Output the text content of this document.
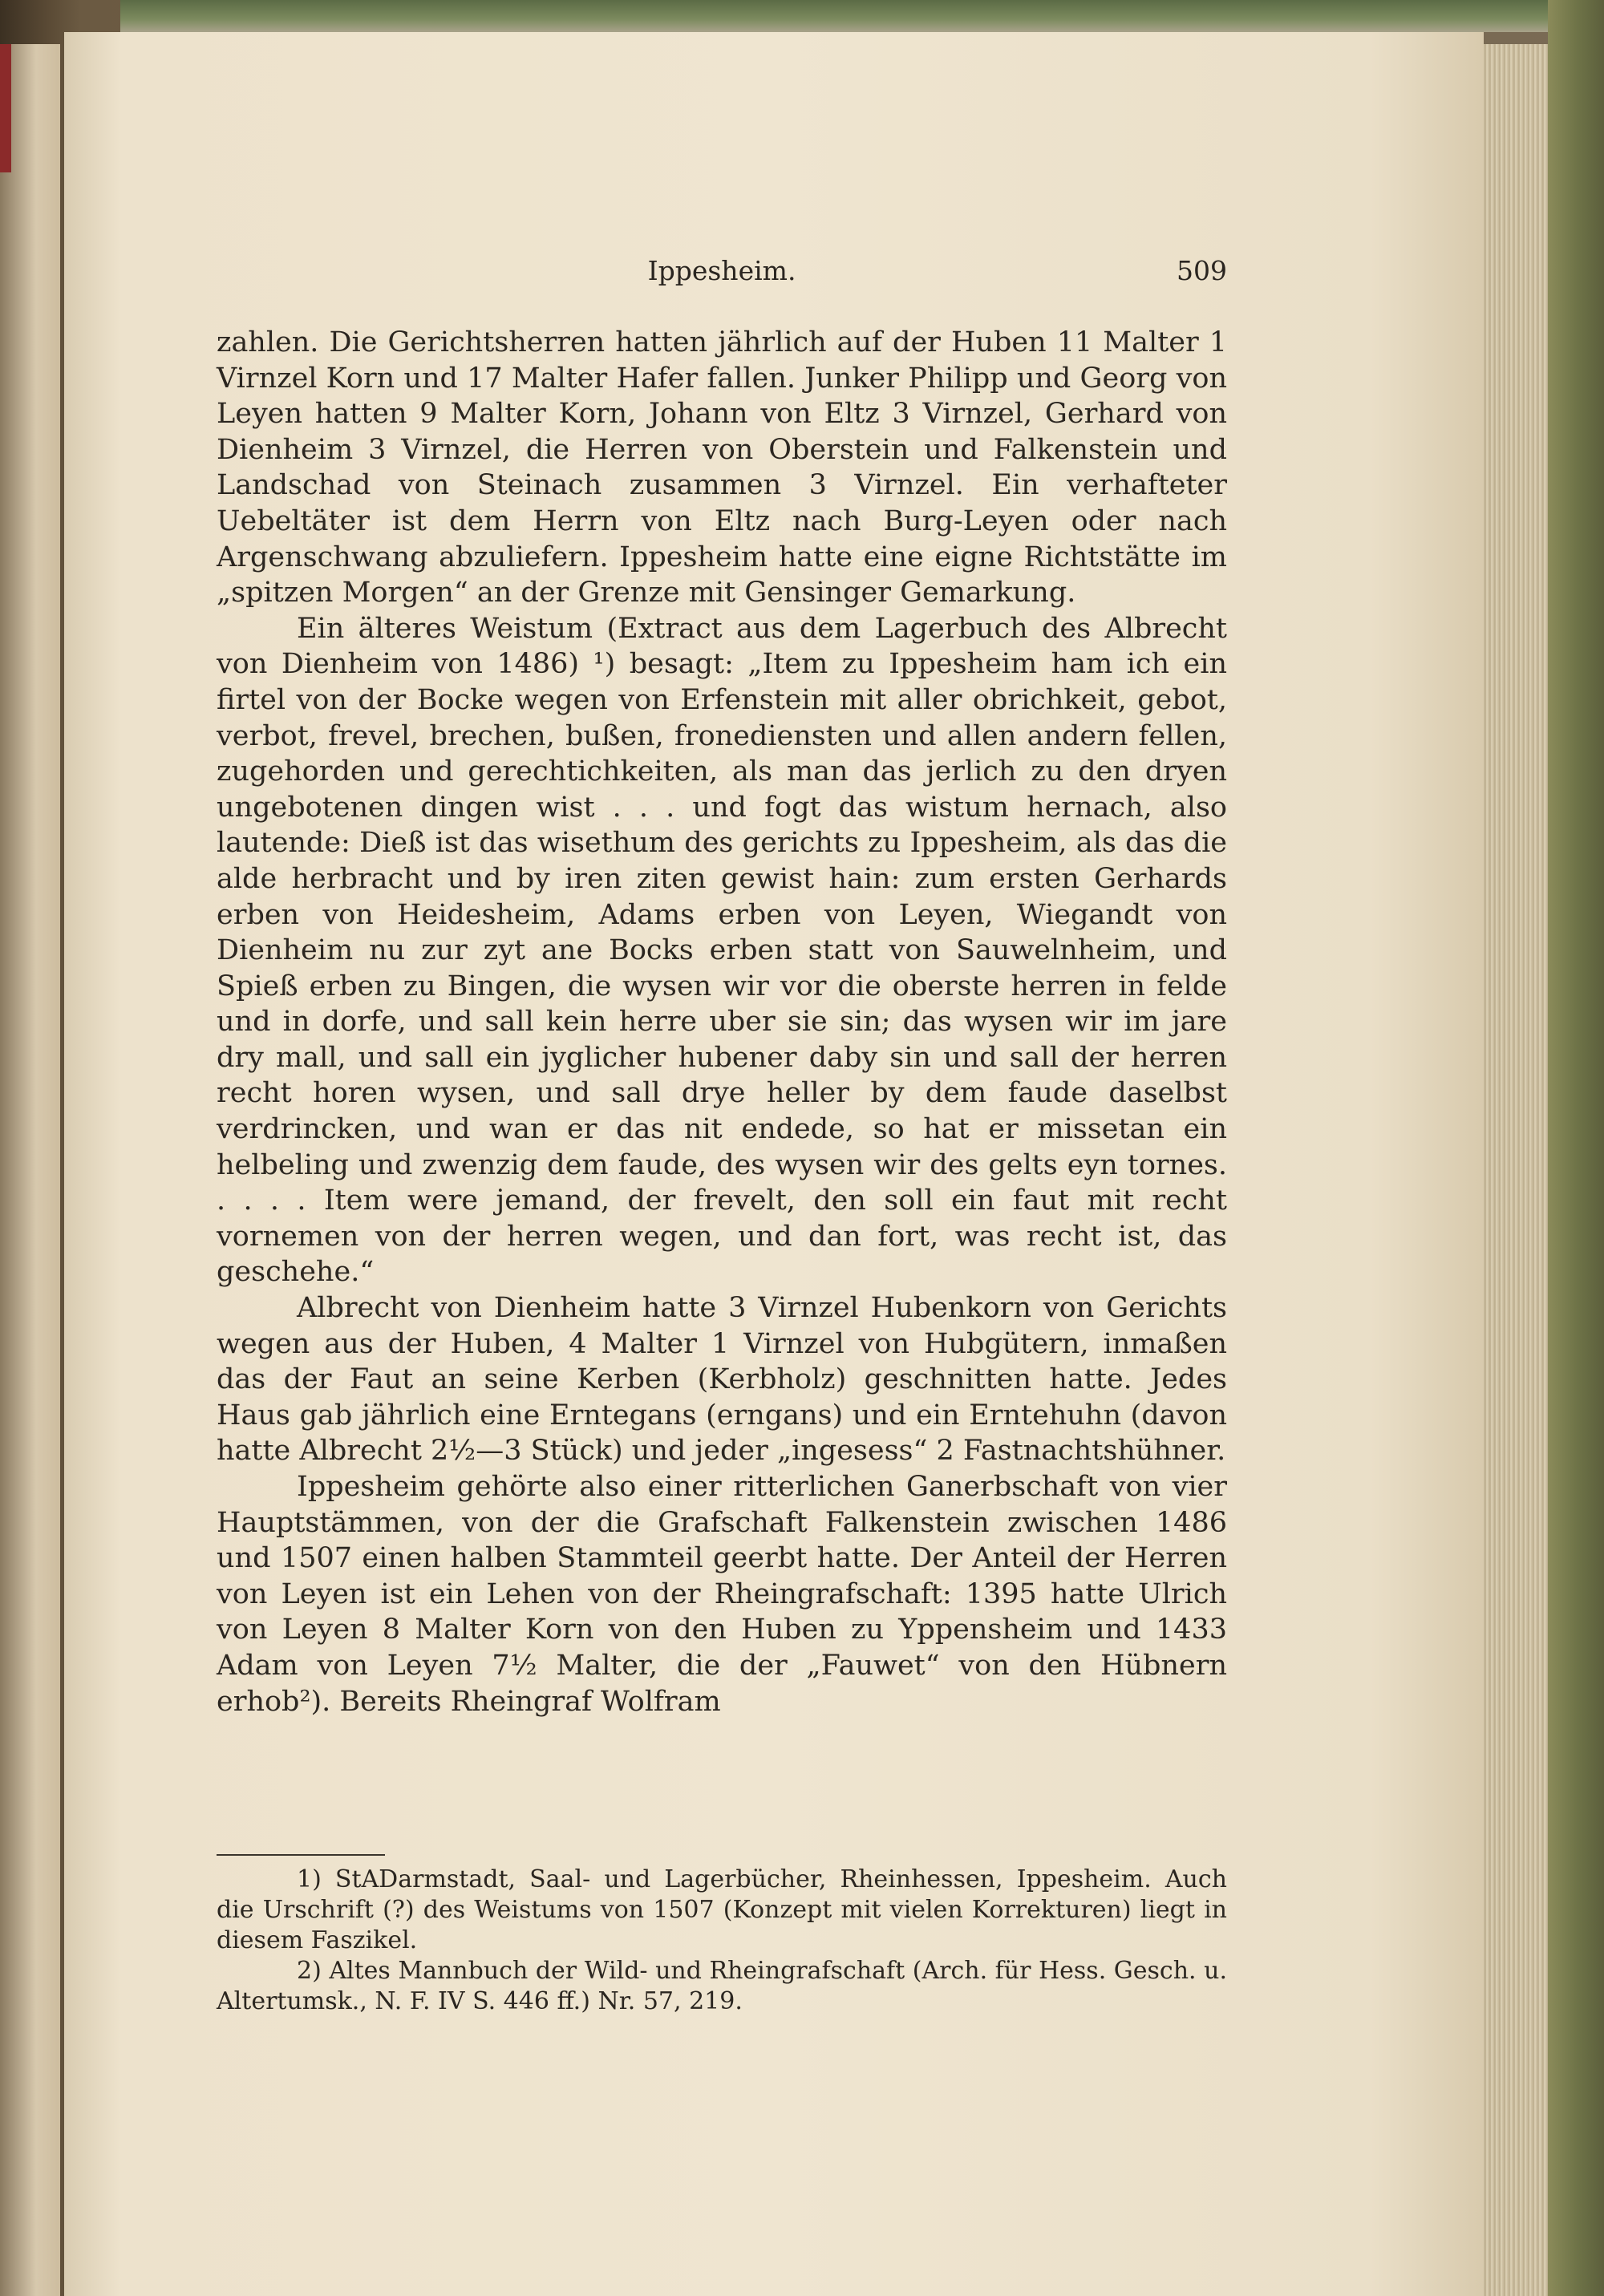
Ippesheim.	509

zahlen. Die Gerichtsherren hatten jährlich auf der Huben 11 Malter 1 Virnzel Korn und 17 Malter Hafer fallen. Junker Philipp und Georg von Leyen hatten 9 Malter Korn, Johann von Eltz 3 Virnzel, Gerhard von Dienheim 3 Virnzel, die Herren von Oberstein und Falkenstein und Landschad von Steinach zusammen 3 Virnzel. Ein verhafteter Uebeltäter ist dem Herrn von Eltz nach Burg-Leyen oder nach Argenschwang abzuliefern. Ippesheim hatte eine eigne Richtstätte im „spitzen Morgen“ an der Grenze mit Gensinger Gemarkung.

Ein älteres Weistum (Extract aus dem Lagerbuch des Albrecht von Dienheim von 1486) ¹) besagt: „Item zu Ippesheim ham ich ein firtel von der Bocke wegen von Erfenstein mit aller obrichkeit, gebot, verbot, frevel, brechen, bußen, fronediensten und allen andern fellen, zugehorden und gerechtichkeiten, als man das jerlich zu den dryen ungebotenen dingen wist . . . und fogt das wistum hernach, also lautende: Dieß ist das wisethum des gerichts zu Ippesheim, als das die alde herbracht und by iren ziten gewist hain: zum ersten Gerhards erben von Heidesheim, Adams erben von Leyen, Wiegandt von Dienheim nu zur zyt ane Bocks erben statt von Sauwelnheim, und Spieß erben zu Bingen, die wysen wir vor die oberste herren in felde und in dorfe, und sall kein herre uber sie sin; das wysen wir im jare dry mall, und sall ein jyglicher hubener daby sin und sall der herren recht horen wysen, und sall drye heller by dem faude daselbst verdrincken, und wan er das nit endede, so hat er missetan ein helbeling und zwenzig dem faude, des wysen wir des gelts eyn tornes. . . . . Item were jemand, der frevelt, den soll ein faut mit recht vornemen von der herren wegen, und dan fort, was recht ist, das geschehe.“

Albrecht von Dienheim hatte 3 Virnzel Hubenkorn von Gerichts wegen aus der Huben, 4 Malter 1 Virnzel von Hubgütern, inmaßen das der Faut an seine Kerben (Kerbholz) geschnitten hatte. Jedes Haus gab jährlich eine Erntegans (erngans) und ein Erntehuhn (davon hatte Albrecht 2½—3 Stück) und jeder „ingesess“ 2 Fastnachtshühner.

Ippesheim gehörte also einer ritterlichen Ganerbschaft von vier Hauptstämmen, von der die Grafschaft Falkenstein zwischen 1486 und 1507 einen halben Stammteil geerbt hatte. Der Anteil der Herren von Leyen ist ein Lehen von der Rheingrafschaft: 1395 hatte Ulrich von Leyen 8 Malter Korn von den Huben zu Yppensheim und 1433 Adam von Leyen 7½ Malter, die der „Fauwet“ von den Hübnern erhob²). Bereits Rheingraf Wolfram

1) StADarmstadt, Saal- und Lagerbücher, Rheinhessen, Ippesheim. Auch die Urschrift (?) des Weistums von 1507 (Konzept mit vielen Korrekturen) liegt in diesem Faszikel.

2) Altes Mannbuch der Wild- und Rheingrafschaft (Arch. für Hess. Gesch. u. Altertumsk., N. F. IV S. 446 ff.) Nr. 57, 219.
